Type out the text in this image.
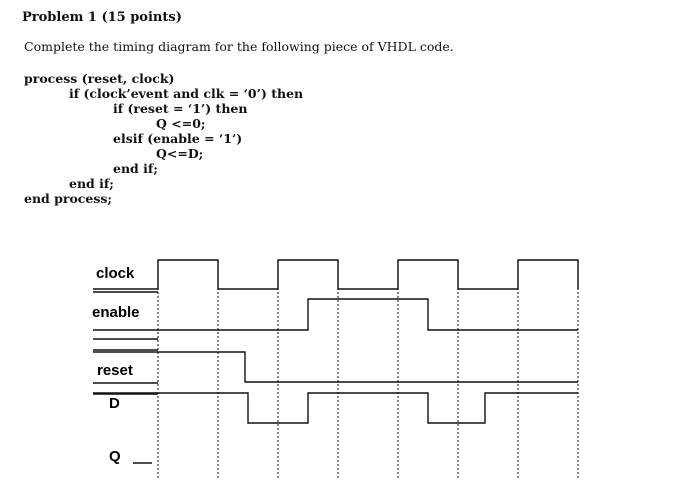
Problem 1 (15 points)
Complete the timing diagram for the following piece of VHDL code.
process (reset, clock)
if (clock’event and clk = ‘0’) then
if (reset = ‘1’) then
Q <=0;
elsif (enable = ‘1’)
Q<=D;
end if;
end if;
end process;
clock
enable
reset
D
Q
